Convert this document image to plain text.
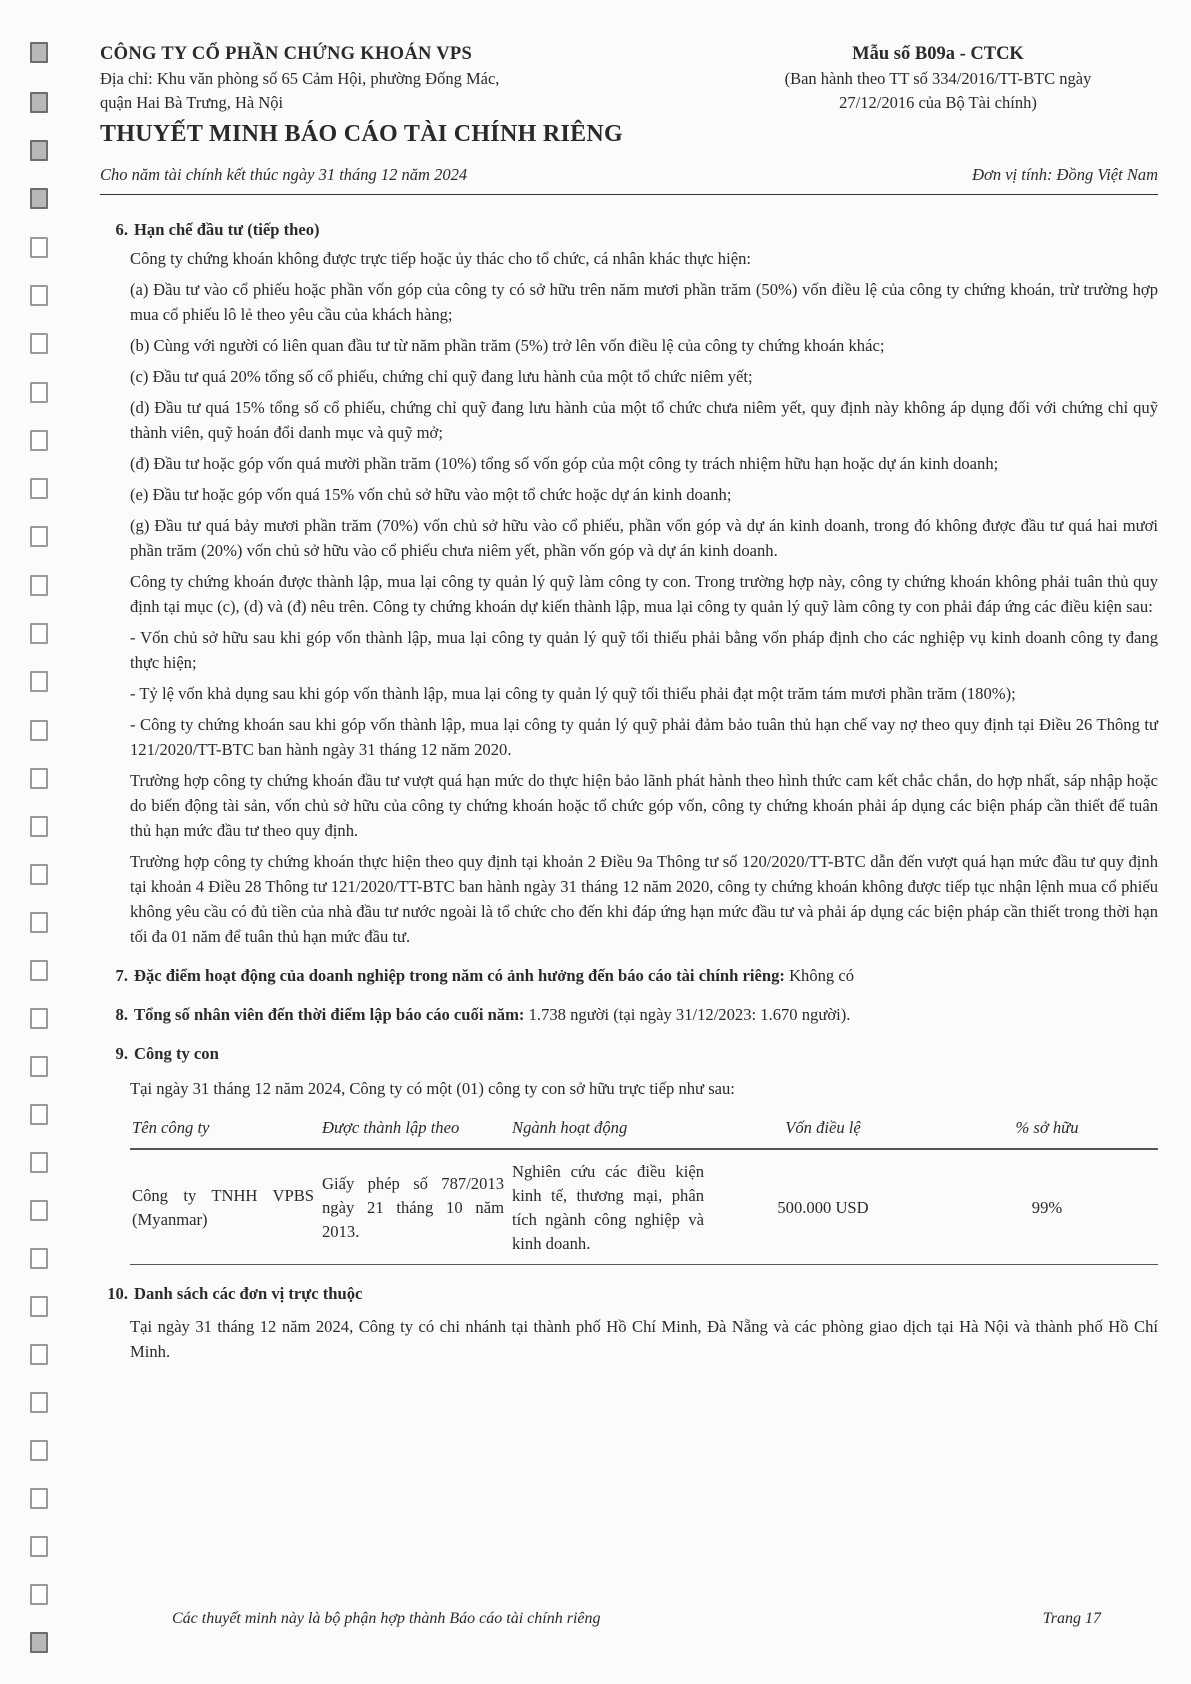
CÔNG TY CỔ PHẦN CHỨNG KHOÁN VPS
Địa chỉ: Khu văn phòng số 65 Cảm Hội, phường Đống Mác,
quận Hai Bà Trưng, Hà Nội
THUYẾT MINH BÁO CÁO TÀI CHÍNH RIÊNG
Mẫu số B09a - CTCK
(Ban hành theo TT số 334/2016/TT-BTC ngày
27/12/2016 của Bộ Tài chính)
Cho năm tài chính kết thúc ngày 31 tháng 12 năm 2024	Đơn vị tính: Đồng Việt Nam
6. Hạn chế đầu tư (tiếp theo)

Công ty chứng khoán không được trực tiếp hoặc ủy thác cho tổ chức, cá nhân khác thực hiện:

(a) Đầu tư vào cổ phiếu hoặc phần vốn góp của công ty có sở hữu trên năm mươi phần trăm (50%) vốn điều lệ của công ty chứng khoán, trừ trường hợp mua cổ phiếu lô lẻ theo yêu cầu của khách hàng;

(b) Cùng với người có liên quan đầu tư từ năm phần trăm (5%) trở lên vốn điều lệ của công ty chứng khoán khác;

(c) Đầu tư quá 20% tổng số cổ phiếu, chứng chỉ quỹ đang lưu hành của một tổ chức niêm yết;

(d) Đầu tư quá 15% tổng số cổ phiếu, chứng chỉ quỹ đang lưu hành của một tổ chức chưa niêm yết, quy định này không áp dụng đối với chứng chỉ quỹ thành viên, quỹ hoán đổi danh mục và quỹ mở;

(đ) Đầu tư hoặc góp vốn quá mười phần trăm (10%) tổng số vốn góp của một công ty trách nhiệm hữu hạn hoặc dự án kinh doanh;

(e) Đầu tư hoặc góp vốn quá 15% vốn chủ sở hữu vào một tổ chức hoặc dự án kinh doanh;

(g) Đầu tư quá bảy mươi phần trăm (70%) vốn chủ sở hữu vào cổ phiếu, phần vốn góp và dự án kinh doanh, trong đó không được đầu tư quá hai mươi phần trăm (20%) vốn chủ sở hữu vào cổ phiếu chưa niêm yết, phần vốn góp và dự án kinh doanh.

Công ty chứng khoán được thành lập, mua lại công ty quản lý quỹ làm công ty con. Trong trường hợp này, công ty chứng khoán không phải tuân thủ quy định tại mục (c), (d) và (đ) nêu trên. Công ty chứng khoán dự kiến thành lập, mua lại công ty quản lý quỹ làm công ty con phải đáp ứng các điều kiện sau:

- Vốn chủ sở hữu sau khi góp vốn thành lập, mua lại công ty quản lý quỹ tối thiểu phải bằng vốn pháp định cho các nghiệp vụ kinh doanh công ty đang thực hiện;

- Tỷ lệ vốn khả dụng sau khi góp vốn thành lập, mua lại công ty quản lý quỹ tối thiểu phải đạt một trăm tám mươi phần trăm (180%);

- Công ty chứng khoán sau khi góp vốn thành lập, mua lại công ty quản lý quỹ phải đảm bảo tuân thủ hạn chế vay nợ theo quy định tại Điều 26 Thông tư 121/2020/TT-BTC ban hành ngày 31 tháng 12 năm 2020.

Trường hợp công ty chứng khoán đầu tư vượt quá hạn mức do thực hiện bảo lãnh phát hành theo hình thức cam kết chắc chắn, do hợp nhất, sáp nhập hoặc do biến động tài sản, vốn chủ sở hữu của công ty chứng khoán hoặc tổ chức góp vốn, công ty chứng khoán phải áp dụng các biện pháp cần thiết để tuân thủ hạn mức đầu tư theo quy định.

Trường hợp công ty chứng khoán thực hiện theo quy định tại khoản 2 Điều 9a Thông tư số 120/2020/TT-BTC dẫn đến vượt quá hạn mức đầu tư quy định tại khoản 4 Điều 28 Thông tư 121/2020/TT-BTC ban hành ngày 31 tháng 12 năm 2020, công ty chứng khoán không được tiếp tục nhận lệnh mua cổ phiếu không yêu cầu có đủ tiền của nhà đầu tư nước ngoài là tổ chức cho đến khi đáp ứng hạn mức đầu tư và phải áp dụng các biện pháp cần thiết trong thời hạn tối đa 01 năm để tuân thủ hạn mức đầu tư.

7. Đặc điểm hoạt động của doanh nghiệp trong năm có ảnh hưởng đến báo cáo tài chính riêng: Không có
8. Tổng số nhân viên đến thời điểm lập báo cáo cuối năm: 1.738 người (tại ngày 31/12/2023: 1.670 người).
9. Công ty con

Tại ngày 31 tháng 12 năm 2024, Công ty có một (01) công ty con sở hữu trực tiếp như sau:

Tên công ty	Được thành lập theo	Ngành hoạt động	Vốn điều lệ	% sở hữu
Công ty TNHH VPBS (Myanmar)	Giấy phép số 787/2013 ngày 21 tháng 10 năm 2013.	Nghiên cứu các điều kiện kinh tế, thương mại, phân tích ngành công nghiệp và kinh doanh.	500.000 USD	99%
10. Danh sách các đơn vị trực thuộc

Tại ngày 31 tháng 12 năm 2024, Công ty có chi nhánh tại thành phố Hồ Chí Minh, Đà Nẵng và các phòng giao dịch tại Hà Nội và thành phố Hồ Chí Minh.

Các thuyết minh này là bộ phận hợp thành Báo cáo tài chính riêng	Trang 17
